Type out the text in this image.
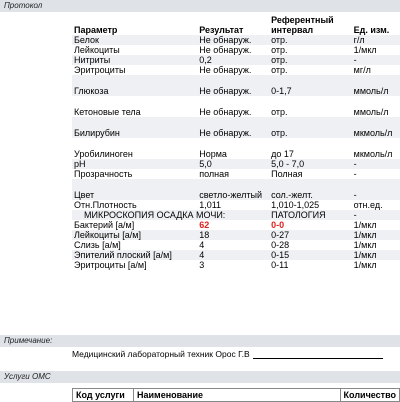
Протокол
Параметр	Результат	Референтный интервал	Ед. изм.
Белок	Не обнаруж.	отр.	г/л
Лейкоциты	Не обнаруж.	отр.	1/мкл
Нитриты	0,2	отр.	-
Эритроциты	Не обнаруж.	отр.	мг/л
Глюкоза	Не обнаруж.	0-1,7	ммоль/л
Кетоновые тела	Не обнаруж.	отр.	ммоль/л
Билирубин	Не обнаруж.	отр.	мкмоль/л
Уробилиноген	Норма	до 17	мкмоль/л
pH	5,0	5,0 - 7,0	-
Прозрачность	полная	Полная	-
Цвет	светло-желтый	сол.-желт.	-
Отн.Плотность	1,011	1,010-1,025	отн.ед.
МИКРОСКОПИЯ ОСАДКА МОЧИ:		ПАТОЛОГИЯ	-
Бактерий [а/м]	62	0-0	1/мкл
Лейкоциты [а/м]	18	0-27	1/мкл
Слизь [а/м]	4	0-28	1/мкл
Эпителий плоский [а/м]	4	0-15	1/мкл
Эритроциты [а/м]	3	0-11	1/мкл
Примечание:
Медицинский лабораторный техник Орос Г.В
Услуги ОМС
Код услуги	Наименование	Количество
